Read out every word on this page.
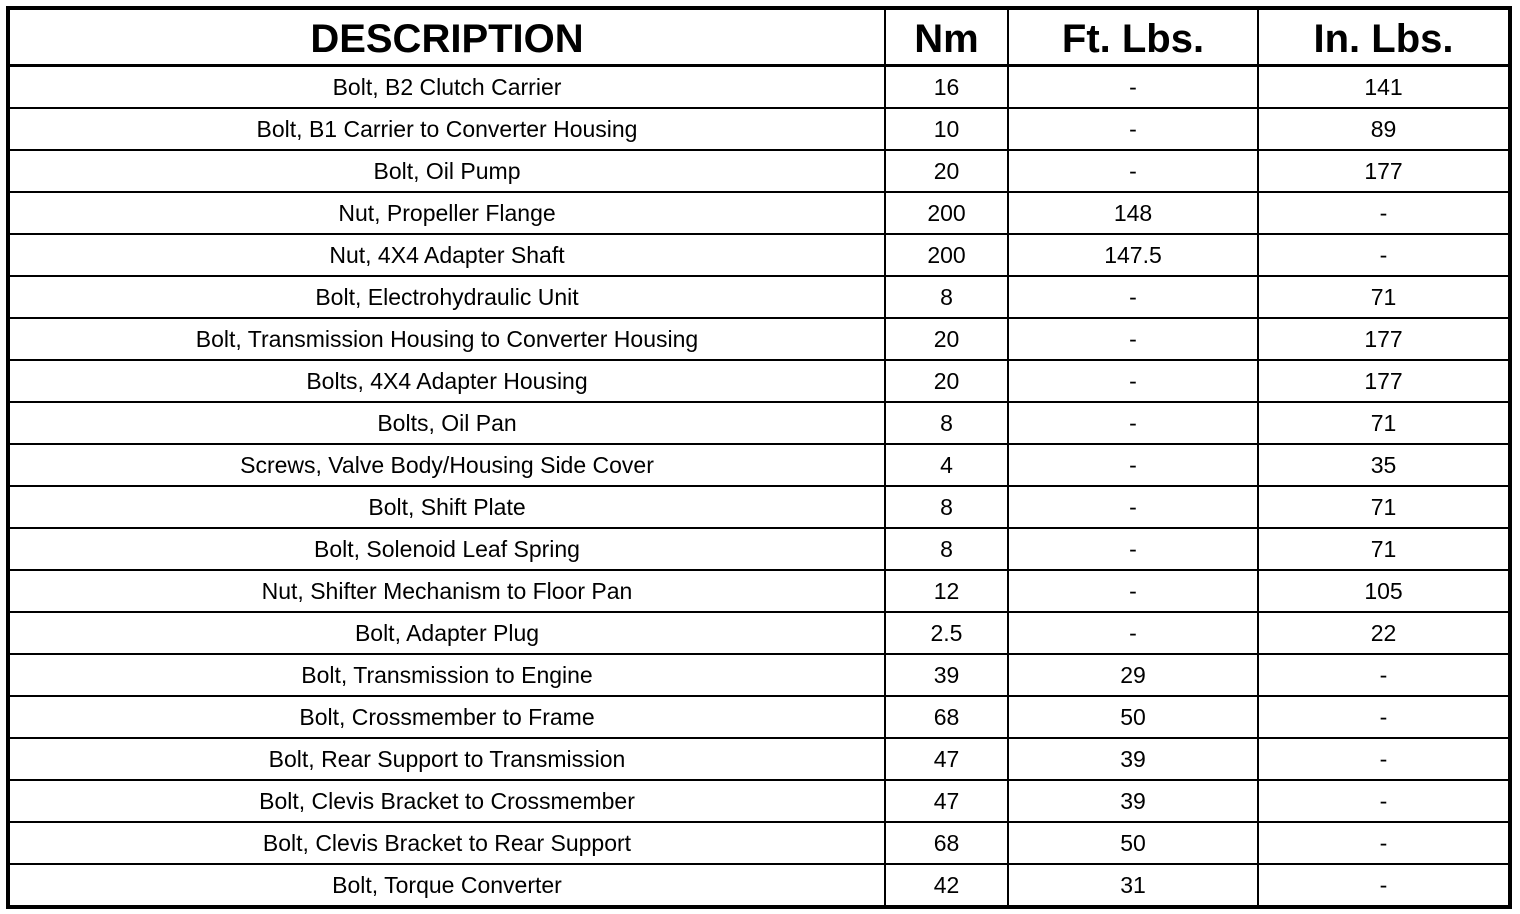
DESCRIPTION	Nm	Ft. Lbs.	In. Lbs.
Bolt, B2 Clutch Carrier	16	-	141
Bolt, B1 Carrier to Converter Housing	10	-	89
Bolt, Oil Pump	20	-	177
Nut, Propeller Flange	200	148	-
Nut, 4X4 Adapter Shaft	200	147.5	-
Bolt, Electrohydraulic Unit	8	-	71
Bolt, Transmission Housing to Converter Housing	20	-	177
Bolts, 4X4 Adapter Housing	20	-	177
Bolts, Oil Pan	8	-	71
Screws, Valve Body/Housing Side Cover	4	-	35
Bolt, Shift Plate	8	-	71
Bolt, Solenoid Leaf Spring	8	-	71
Nut, Shifter Mechanism to Floor Pan	12	-	105
Bolt, Adapter Plug	2.5	-	22
Bolt, Transmission to Engine	39	29	-
Bolt, Crossmember to Frame	68	50	-
Bolt, Rear Support to Transmission	47	39	-
Bolt, Clevis Bracket to Crossmember	47	39	-
Bolt, Clevis Bracket to Rear Support	68	50	-
Bolt, Torque Converter	42	31	-
